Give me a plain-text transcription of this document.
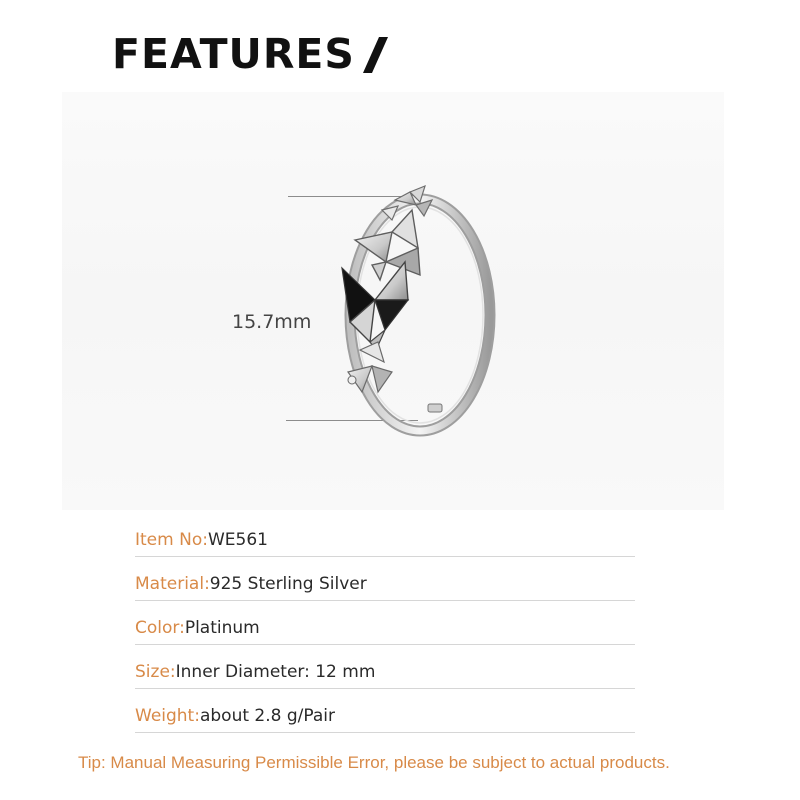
FEATURES
15.7mm
Item No: WE561
Material: 925 Sterling Silver
Color: Platinum
Size: Inner Diameter: 12 mm
Weight: about 2.8 g/Pair
Tip: Manual Measuring Permissible Error, please be subject to actual products.
